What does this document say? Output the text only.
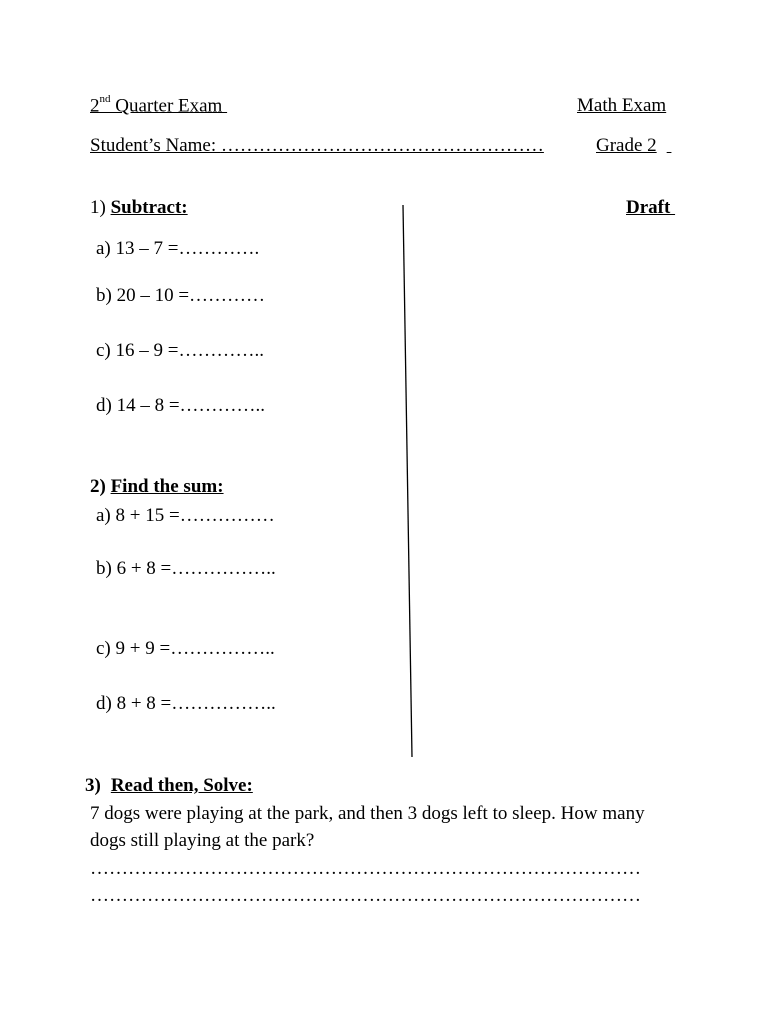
2nd Quarter Exam	Math Exam
Student’s Name: ……………………………………………	Grade 2
1) Subtract:	Draft
a) 13 – 7 =………….
b) 20 – 10 =…………
c) 16 – 9 =…………..
d) 14 – 8 =…………..
2) Find the sum:
a) 8 + 15 =……………
b) 6 + 8 =……………..
c) 9 + 9 =……………..
d) 8 + 8 =……………..
3) Read then, Solve:
7 dogs were playing at the park, and then 3 dogs left to sleep. How many
dogs still playing at the park?
……………………………………………………………………………
……………………………………………………………………………
